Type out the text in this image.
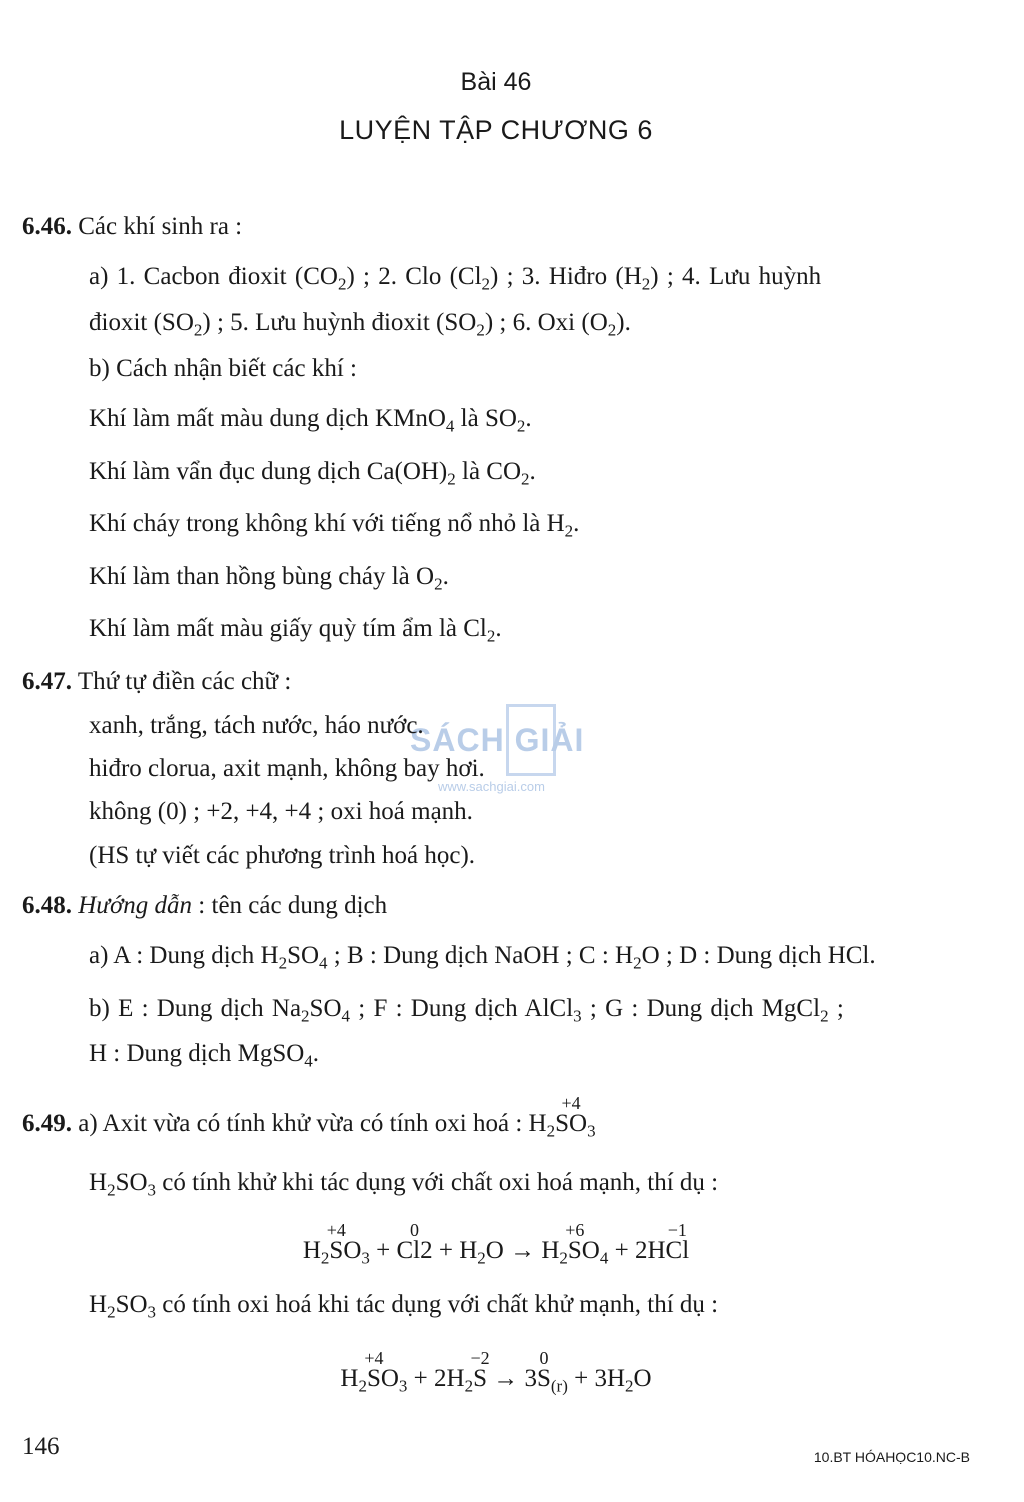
Bài 46
LUYỆN TẬP CHƯƠNG 6
SÁCH GIẢI
www.sachgiai.com
6.46. Các khí sinh ra :
a) 1. Cacbon đioxit $(CO_2)$ ; 2. Clo $(Cl_2)$ ; 3. Hiđro $(H_2)$ ; 4. Lưu huỳnh
đioxit $(SO_2)$ ; 5. Lưu huỳnh đioxit $(SO_2)$ ; 6. Oxi $(O_2)$.
b) Cách nhận biết các khí :
Khí làm mất màu dung dịch KMnO$_4$ là $SO_2$.
Khí làm vẩn đục dung dịch $Ca(OH)_2$ là $CO_2$.
Khí cháy trong không khí với tiếng nổ nhỏ là $H_2$.
Khí làm than hồng bùng cháy là $O_2$.
Khí làm mất màu giấy quỳ tím ẩm là $Cl_2$.
6.47. Thứ tự điền các chữ :
xanh, trắng, tách nước, háo nước.
hiđro clorua, axit mạnh, không bay hơi.
không (0) ; +2, +4, +4 ; oxi hoá mạnh.
(HS tự viết các phương trình hoá học).
6.48. Hướng dẫn : tên các dung dịch
a) A : Dung dịch $H_2SO_4$ ; B : Dung dịch NaOH ; C : $H_2O$ ; D : Dung dịch HCl.
b) E : Dung dịch $Na_2SO_4$ ; F : Dung dịch AlCl$_3$ ; G : Dung dịch MgCl$_2$ ;
H : Dung dịch MgSO$_4$.
6.49. a) Axit vừa có tính khử vừa có tính oxi hoá : $H_2$
+4
$SO_3$
$H_2SO_3$ có tính khử khi tác dụng với chất oxi hoá mạnh, thí dụ :
$H_2$
+4
$SO_3$ +
0
$Cl2 + H_2O \to H_2$
+6
$SO_4 + 2H$
−1
Cl
$H_2SO_3$ có tính oxi hoá khi tác dụng với chất khử mạnh, thí dụ :
$H_2$
+4
$SO_3 + 2H_2$
−2
S → 3
0
$S_{(r)} + 3H_2O$
146	10.BT HÓAHỌC10.NC-B
